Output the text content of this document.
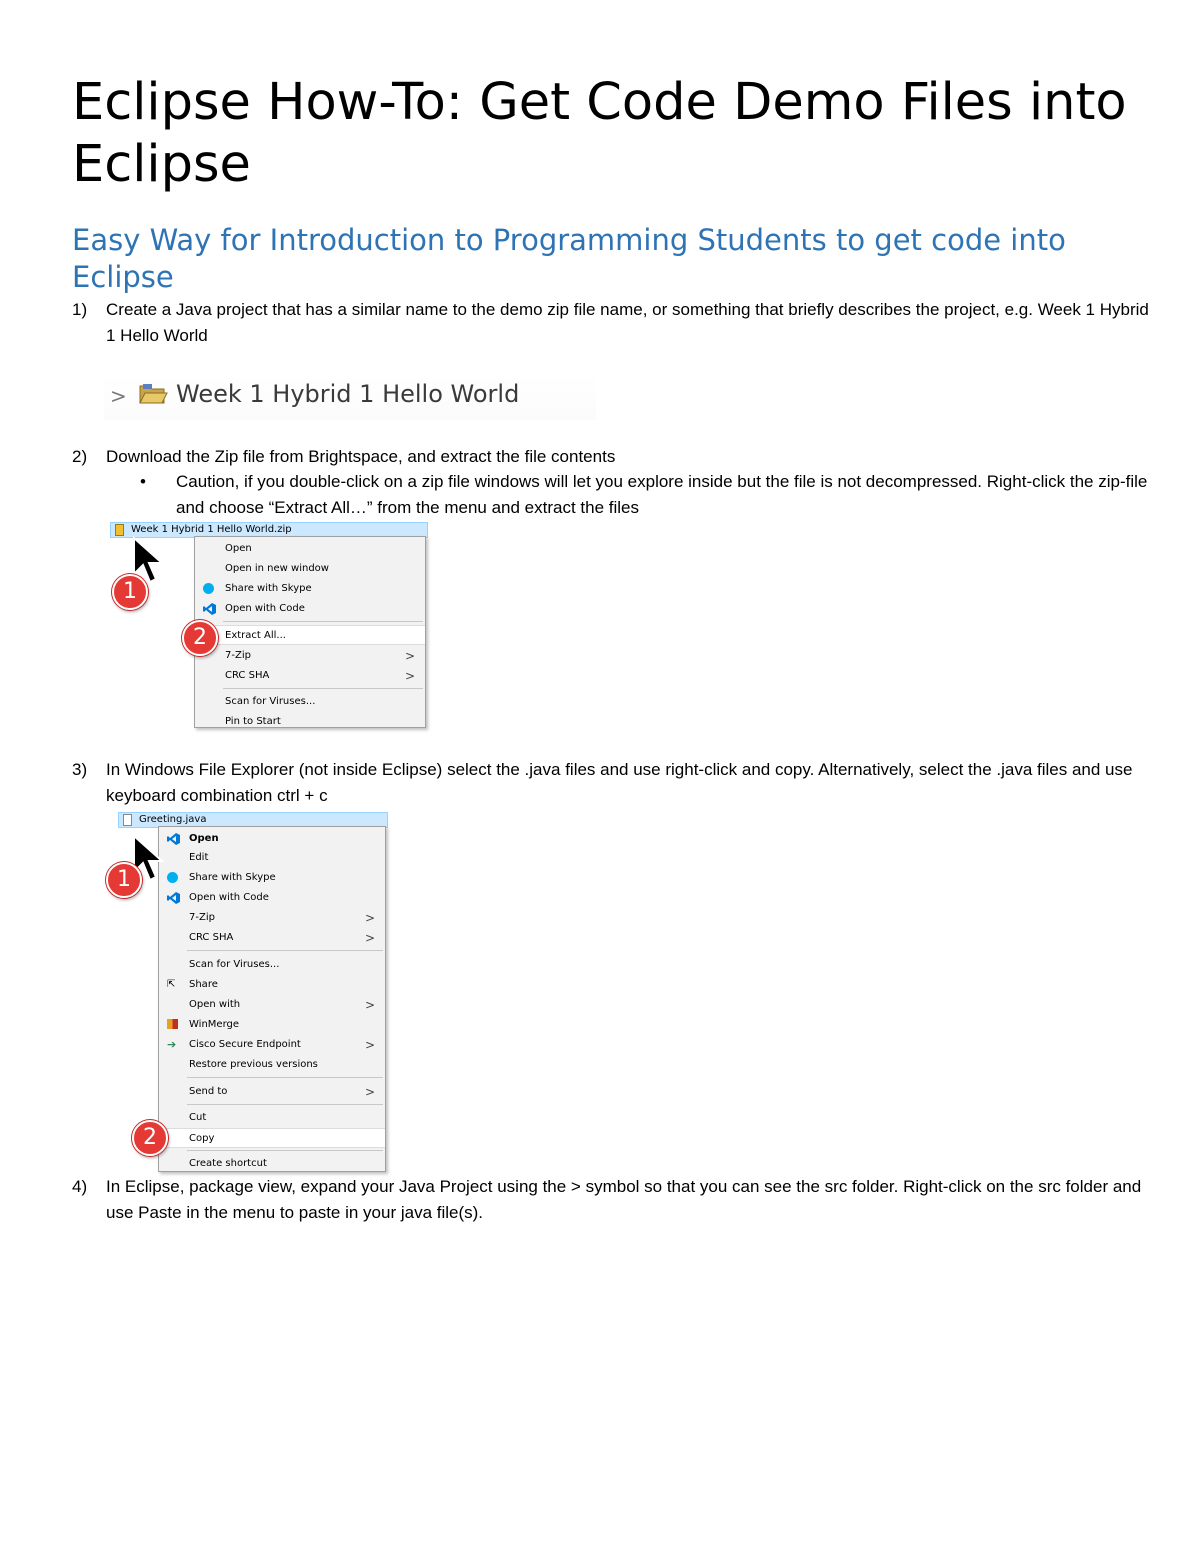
Eclipse How-To: Get Code Demo Files into Eclipse
Easy Way for Introduction to Programming Students to get code into Eclipse
1) Create a Java project that has a similar name to the demo zip file name, or something that briefly describes the project, e.g. Week 1 Hybrid 1 Hello World
> Week 1 Hybrid 1 Hello World
2) Download the Zip file from Brightspace, and extract the file contents
• Caution, if you double-click on a zip file windows will let you explore inside but the file is not decompressed. Right-click the zip-file and choose “Extract All…” from the menu and extract the files
Week 1 Hybrid 1 Hello World.zip
Open
Open in new window
Share with Skype
Open with Code
Extract All...
7-Zip	>
CRC SHA	>
Scan for Viruses...
Pin to Start
1
2
3) In Windows File Explorer (not inside Eclipse) select the .java files and use right-click and copy. Alternatively, select the .java files and use keyboard combination ctrl + c
Greeting.java
Open
Edit
Share with Skype
Open with Code
7-Zip	>
CRC SHA	>
Scan for Viruses...
⇱	Share
Open with	>
WinMerge
➔	Cisco Secure Endpoint	>
Restore previous versions
Send to	>
Cut
Copy
Create shortcut
1
2
4) In Eclipse, package view, expand your Java Project using the > symbol so that you can see the src folder. Right-click on the src folder and use Paste in the menu to paste in your java file(s).
